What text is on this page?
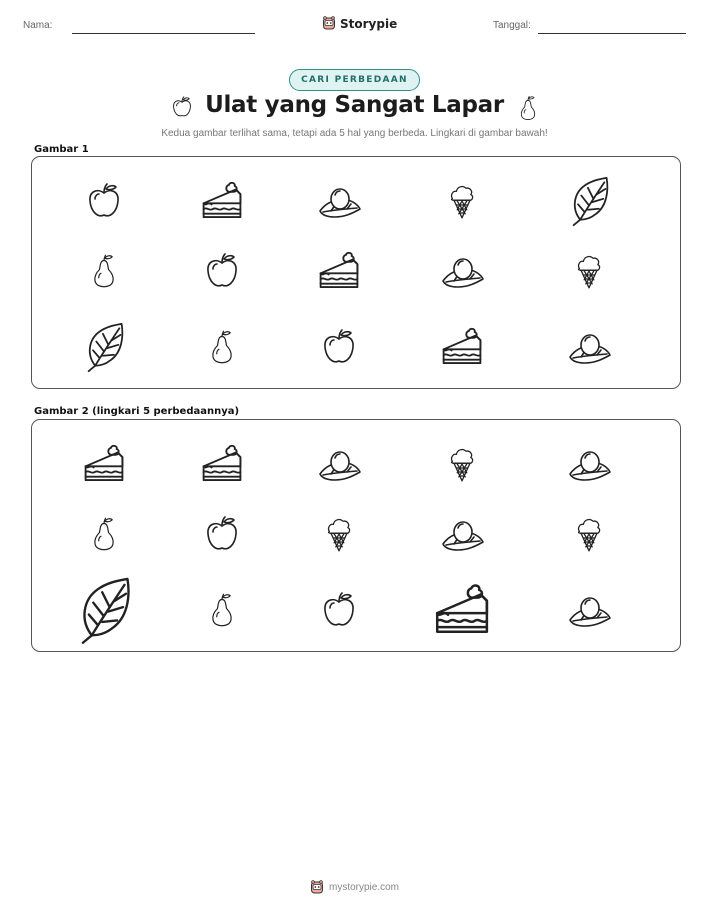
Nama:	Storypie	Tanggal:
CARI PERBEDAAN
Ulat yang Sangat Lapar
Kedua gambar terlihat sama, tetapi ada 5 hal yang berbeda. Lingkari di gambar bawah!
Gambar 1
Gambar 2 (lingkari 5 perbedaannya)
mystorypie.com
